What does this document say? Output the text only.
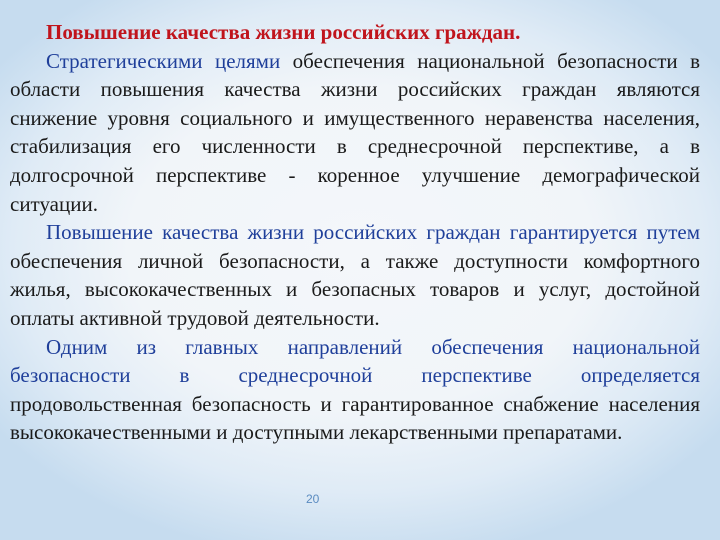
Повышение качества жизни российских граждан.

Стратегическими целями обеспечения национальной безопасности в области повышения качества жизни российских граждан являются снижение уровня социального и имущественного неравенства населения, стабилизация его численности в среднесрочной перспективе, а в долгосрочной перспективе - коренное улучшение демографической ситуации.

Повышение качества жизни российских граждан гарантируется путем обеспечения личной безопасности, а также доступности комфортного жилья, высококачественных и безопасных товаров и услуг, достойной оплаты активной трудовой деятельности.

Одним из главных направлений обеспечения национальной безопасности в среднесрочной перспективе определяется продовольственная безопасность и гарантированное снабжение населения высококачественными и доступными лекарственными препаратами.

20
